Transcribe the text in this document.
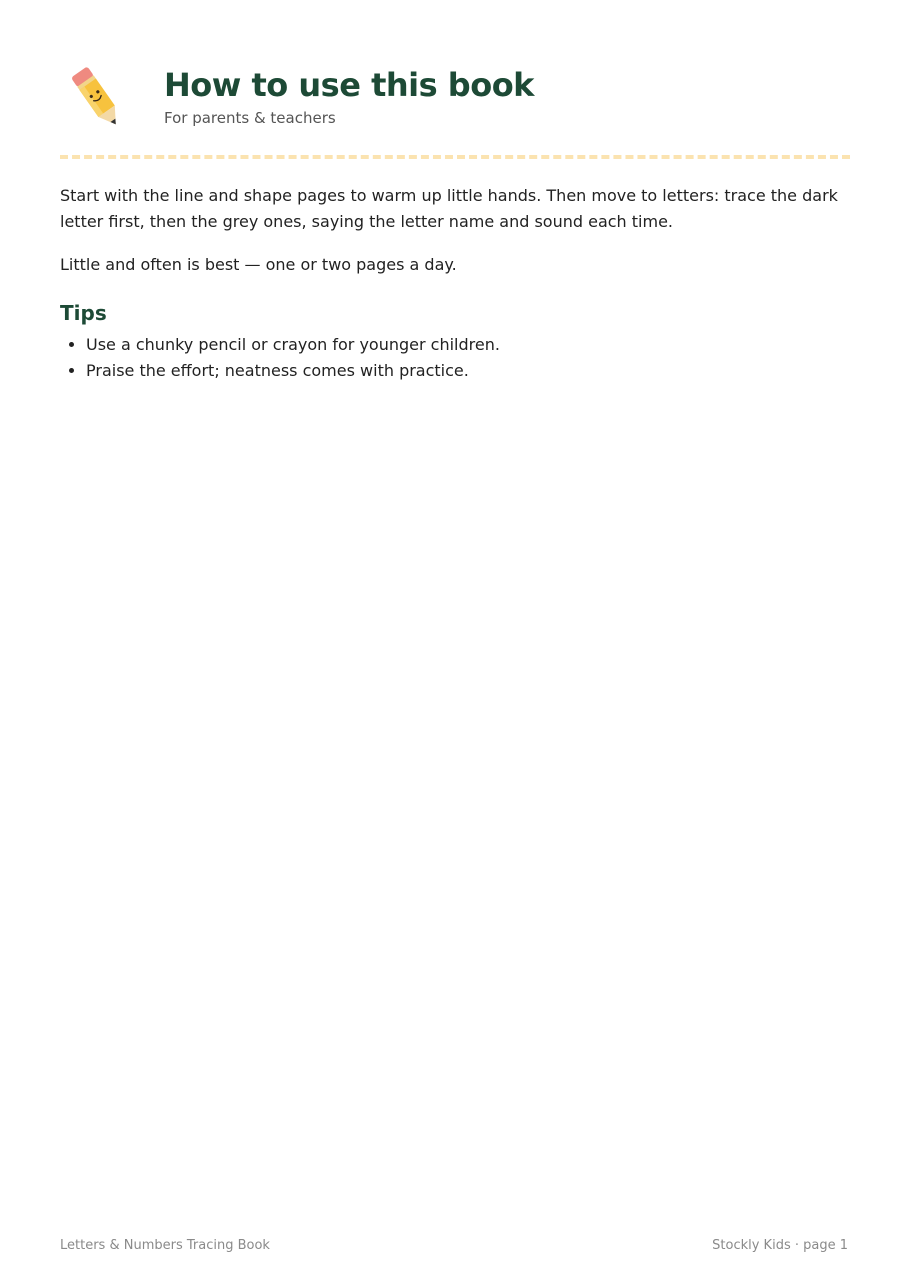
How to use this book
For parents & teachers

Start with the line and shape pages to warm up little hands. Then move to letters: trace the dark letter first, then the grey ones, saying the letter name and sound each time.

Little and often is best — one or two pages a day.

Tips
• Use a chunky pencil or crayon for younger children.
• Praise the effort; neatness comes with practice.
Letters & Numbers Tracing Book	Stockly Kids · page 1
